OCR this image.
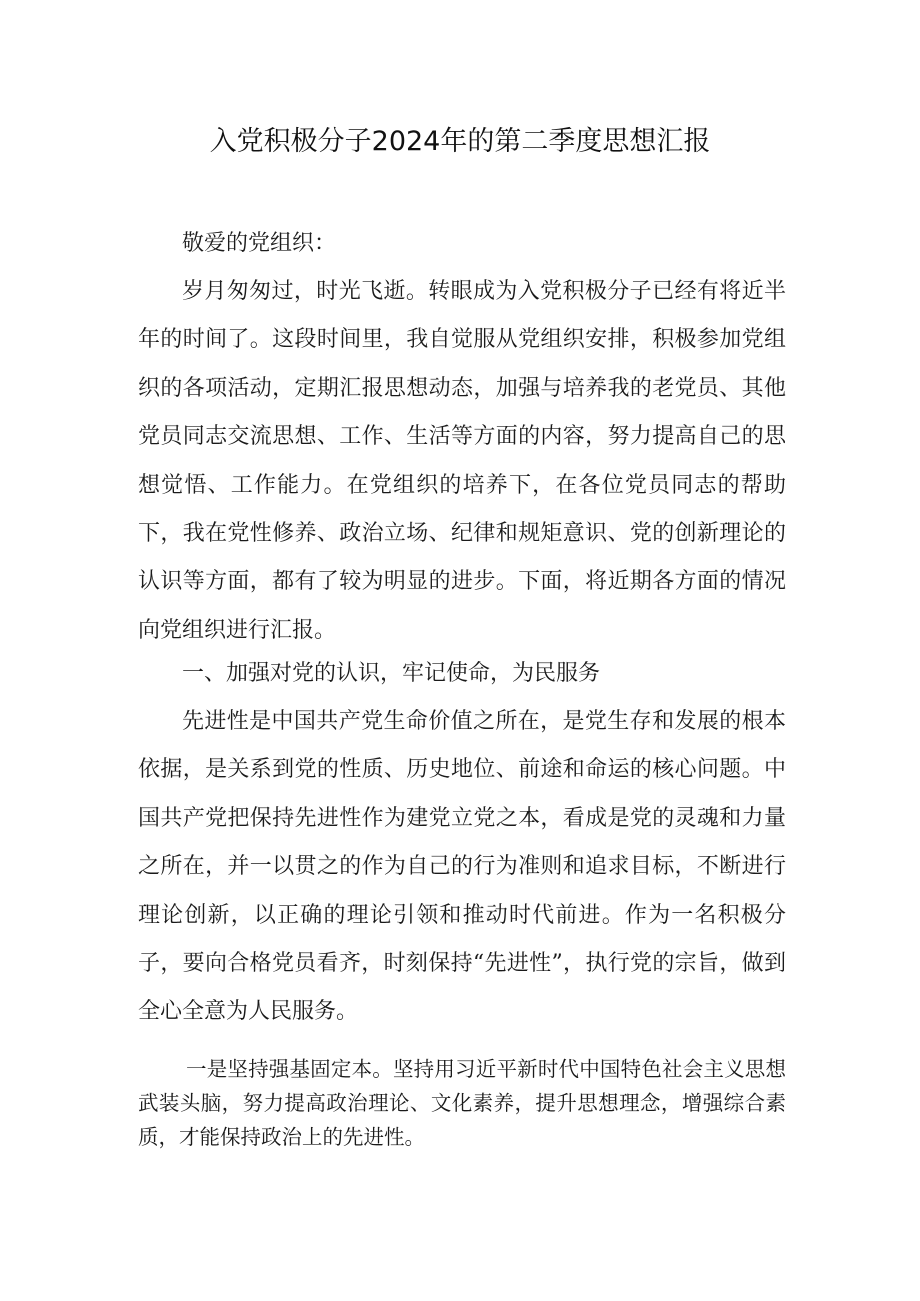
入党积极分子2024年的第二季度思想汇报

敬爱的党组织：

岁月匆匆过，时光飞逝。转眼成为入党积极分子已经有将近半年的时间了。这段时间里，我自觉服从党组织安排，积极参加党组织的各项活动，定期汇报思想动态，加强与培养我的老党员、其他党员同志交流思想、工作、生活等方面的内容，努力提高自己的思想觉悟、工作能力。在党组织的培养下，在各位党员同志的帮助下，我在党性修养、政治立场、纪律和规矩意识、党的创新理论的认识等方面，都有了较为明显的进步。下面，将近期各方面的情况向党组织进行汇报。

一、加强对党的认识，牢记使命，为民服务

先进性是中国共产党生命价值之所在，是党生存和发展的根本依据，是关系到党的性质、历史地位、前途和命运的核心问题。中国共产党把保持先进性作为建党立党之本，看成是党的灵魂和力量之所在，并一以贯之的作为自己的行为准则和追求目标，不断进行理论创新，以正确的理论引领和推动时代前进。作为一名积极分子，要向合格党员看齐，时刻保持“先进性”，执行党的宗旨，做到全心全意为人民服务。

一是坚持强基固定本。坚持用习近平新时代中国特色社会主义思想武装头脑，努力提高政治理论、文化素养，提升思想理念，增强综合素质，才能保持政治上的先进性。
